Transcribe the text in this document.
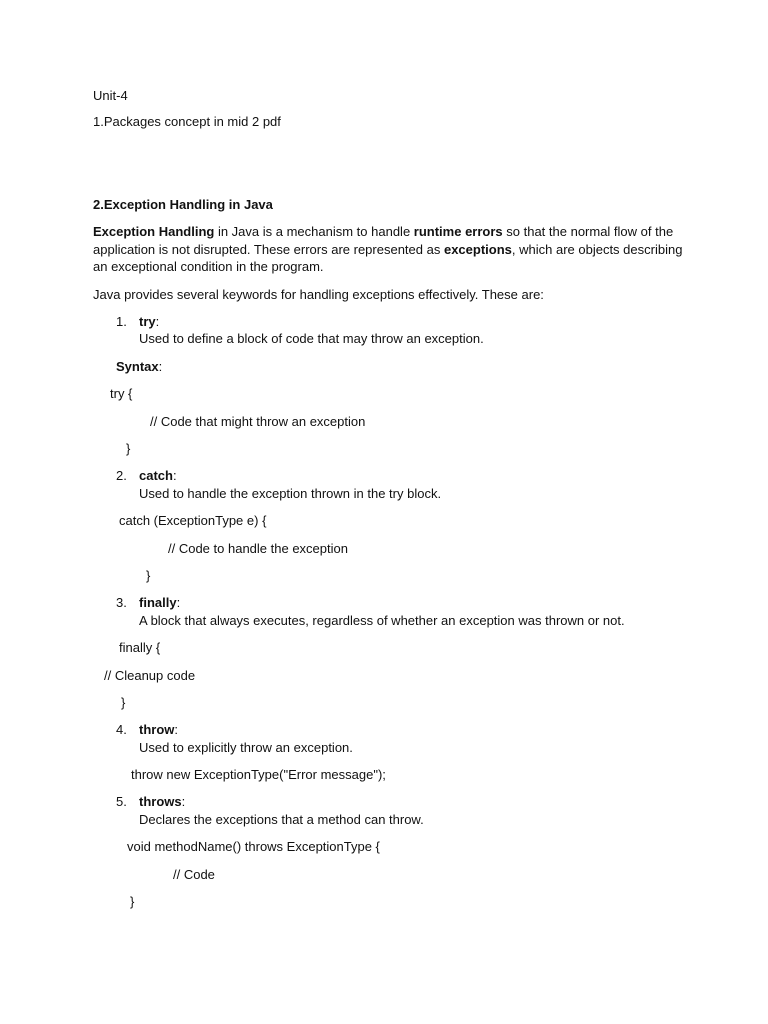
Unit-4
1.Packages concept in mid 2 pdf
2.Exception Handling in Java
Exception Handling in Java is a mechanism to handle runtime errors so that the normal flow of the application is not disrupted. These errors are represented as exceptions, which are objects describing an exceptional condition in the program.
Java provides several keywords for handling exceptions effectively. These are:
1. try:
Used to define a block of code that may throw an exception.
Syntax:
try {
// Code that might throw an exception
}
2. catch:
Used to handle the exception thrown in the try block.
catch (ExceptionType e) {
// Code to handle the exception
}
3. finally:
A block that always executes, regardless of whether an exception was thrown or not.
finally {
// Cleanup code
}
4. throw:
Used to explicitly throw an exception.
throw new ExceptionType("Error message");
5. throws:
Declares the exceptions that a method can throw.
void methodName() throws ExceptionType {
// Code
}
